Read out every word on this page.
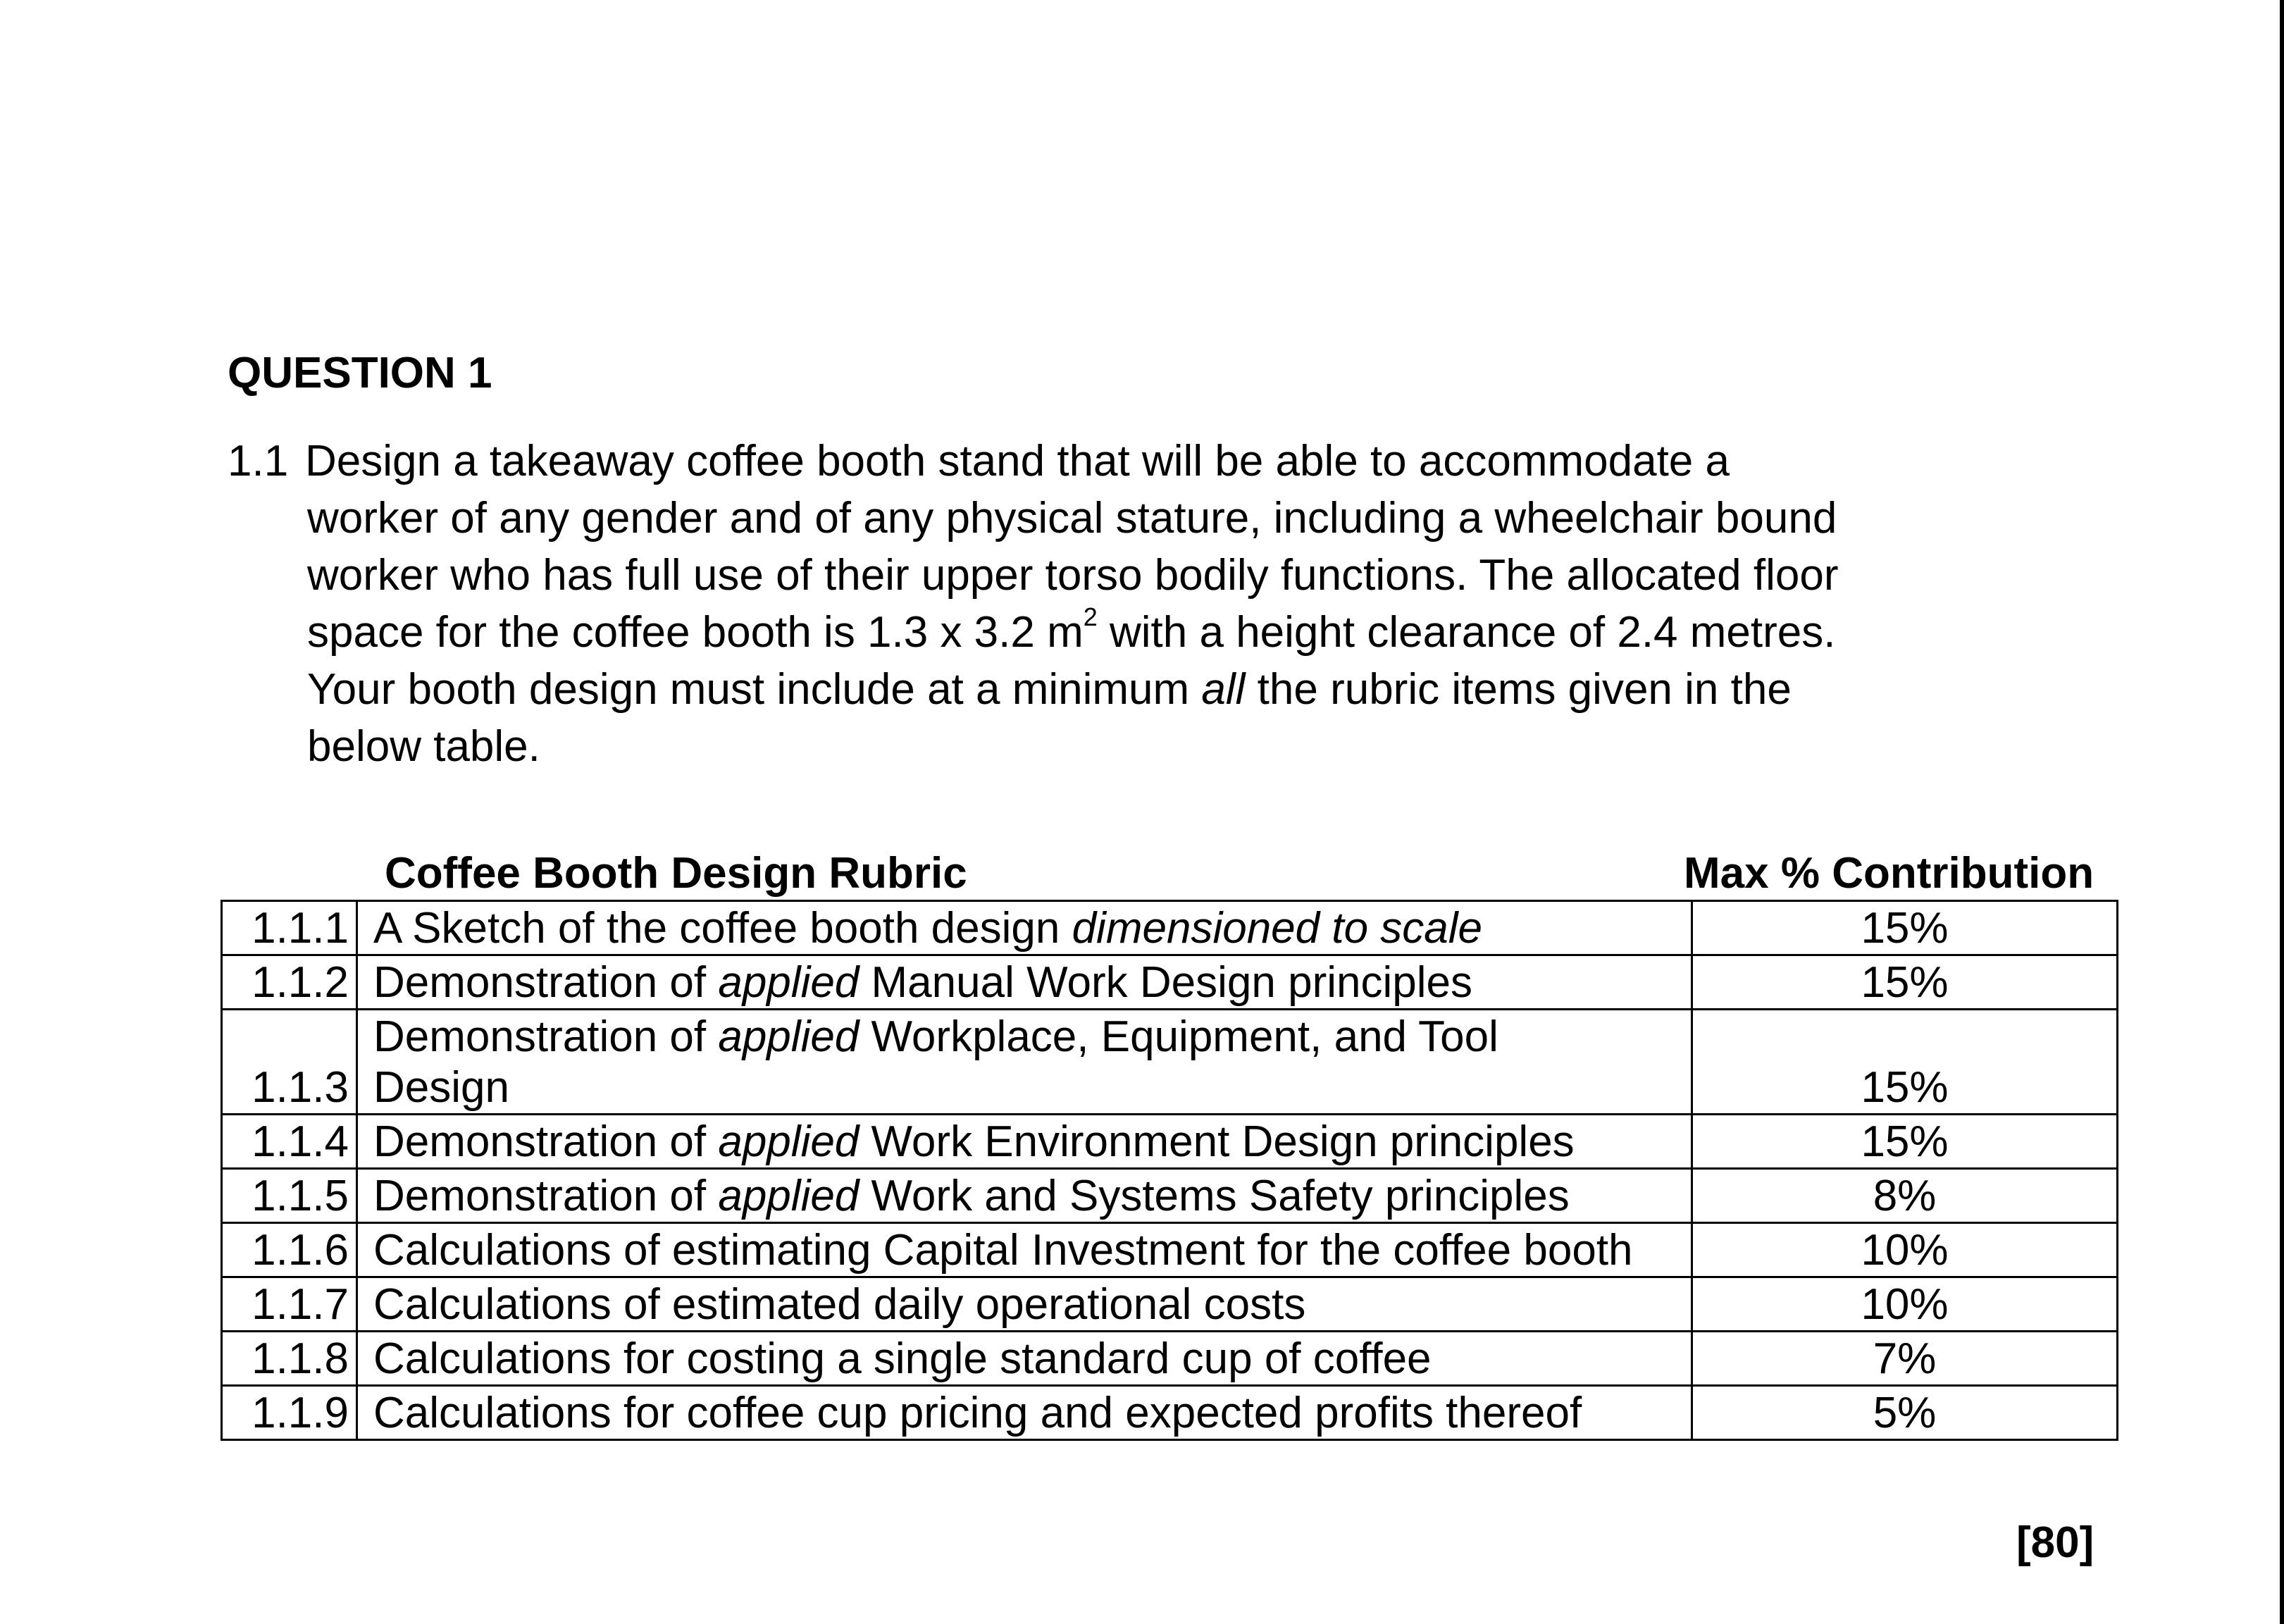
QUESTION 1
1.1 Design a takeaway coffee booth stand that will be able to accommodate a
worker of any gender and of any physical stature, including a wheelchair bound
worker who has full use of their upper torso bodily functions. The allocated floor
space for the coffee booth is 1.3 x 3.2 $m^2$ with a height clearance of 2.4 metres.
Your booth design must include at a minimum all the rubric items given in the
below table.
Coffee Booth Design Rubric	Max % Contribution
1.1.1	A Sketch of the coffee booth design dimensioned to scale	15%
1.1.2	Demonstration of applied Manual Work Design principles	15%
1.1.3	Demonstration of applied Workplace, Equipment, and Tool
Design	15%
1.1.4	Demonstration of applied Work Environment Design principles	15%
1.1.5	Demonstration of applied Work and Systems Safety principles	8%
1.1.6	Calculations of estimating Capital Investment for the coffee booth	10%
1.1.7	Calculations of estimated daily operational costs	10%
1.1.8	Calculations for costing a single standard cup of coffee	7%
1.1.9	Calculations for coffee cup pricing and expected profits thereof	5%
[80]
